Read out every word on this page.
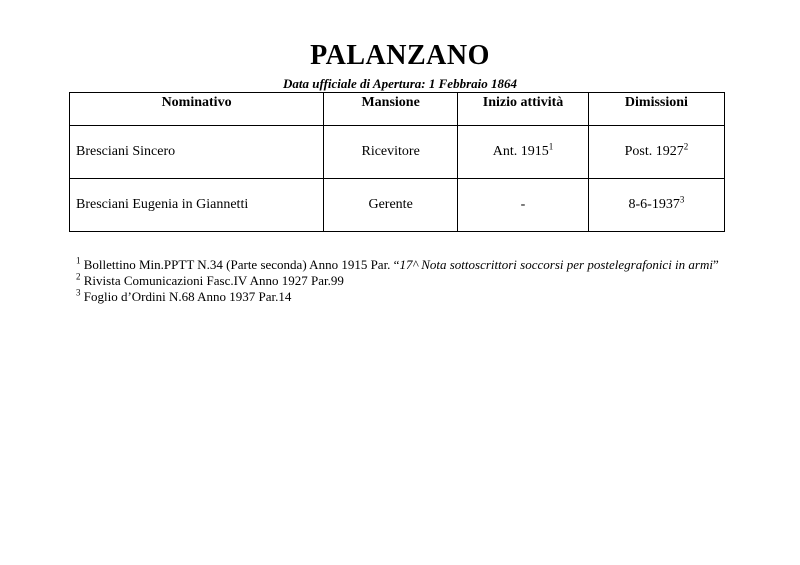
PALANZANO
Data ufficiale di Apertura: 1 Febbraio 1864
Nominativo	Mansione	Inizio attività	Dimissioni
Bresciani Sincero	Ricevitore	Ant. 1915$^1$	Post. 1927$^2$
Bresciani Eugenia in Giannetti	Gerente	-	8-6-1937$^3$

$^1$ Bollettino Min.PPTT N.34 (Parte seconda) Anno 1915 Par. “17^ Nota sottoscrittori soccorsi per postelegrafonici in armi”

$^2$ Rivista Comunicazioni Fasc.IV Anno 1927 Par.99

$^3$ Foglio d’Ordini N.68 Anno 1937 Par.14
